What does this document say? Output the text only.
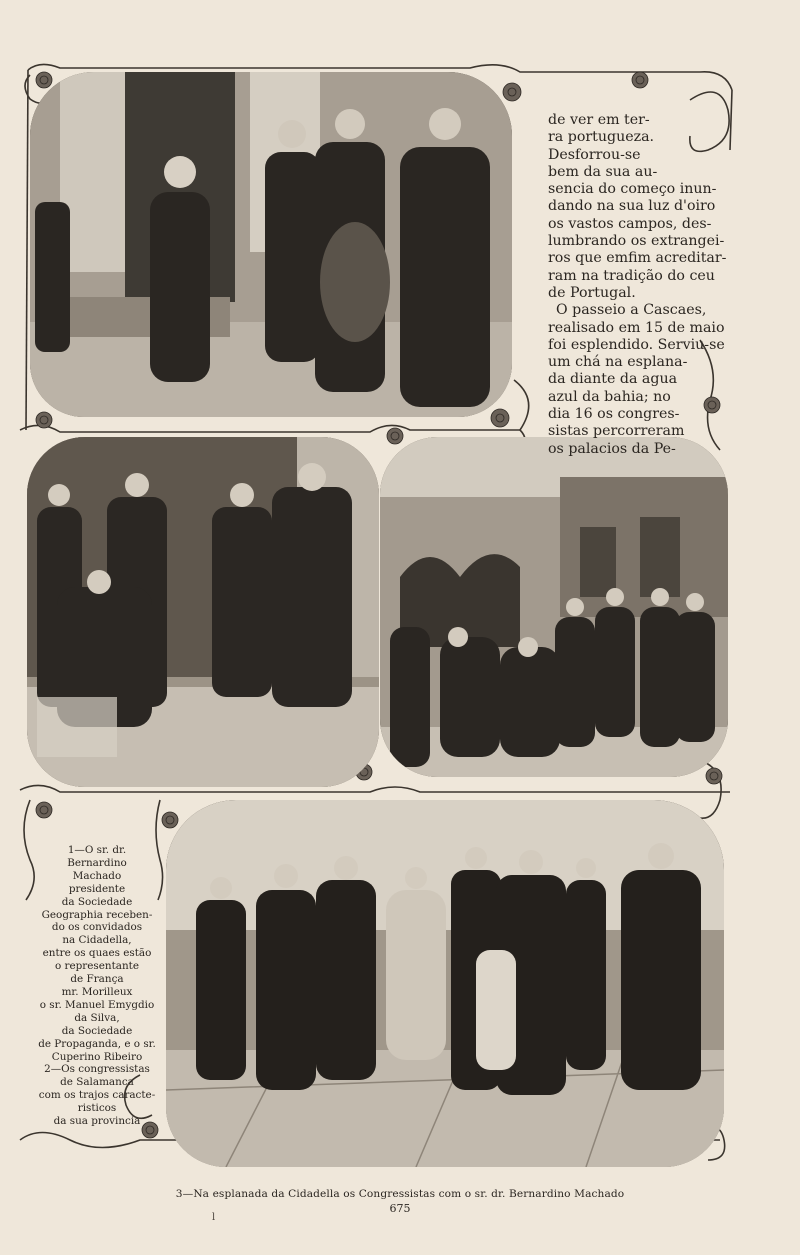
de ver em ter-

ra portugueza.

Desforrou-se

bem da sua au-

sencia do começo inun-

dando na sua luz d'oiro

os vastos campos, des-

lumbrando os extrangei-

ros que emfim acreditar-

ram na tradição do ceu

de Portugal.

O passeio a Cascaes,

realisado em 15 de maio

foi esplendido. Serviu-se

um chá na esplana-

da diante da agua

azul da bahia; no

dia 16 os congres-

sistas percorreram

os palacios da Pe-

1—O sr. dr.
Bernardino
Machado
presidente
da Sociedade
Geographia receben-
do os convidados
na Cidadella,
entre os quaes estão
o representante
de França
mr. Morilleux
o sr. Manuel Emygdio
da Silva,
da Sociedade
de Propaganda, e o sr.
Cuperino Ribeiro
2—Os congressistas
de Salamanca
com os trajos caracte-
risticos
da sua provincia
3—Na esplanada da Cidadella os Congressistas com o sr. dr. Bernardino Machado
675
l
